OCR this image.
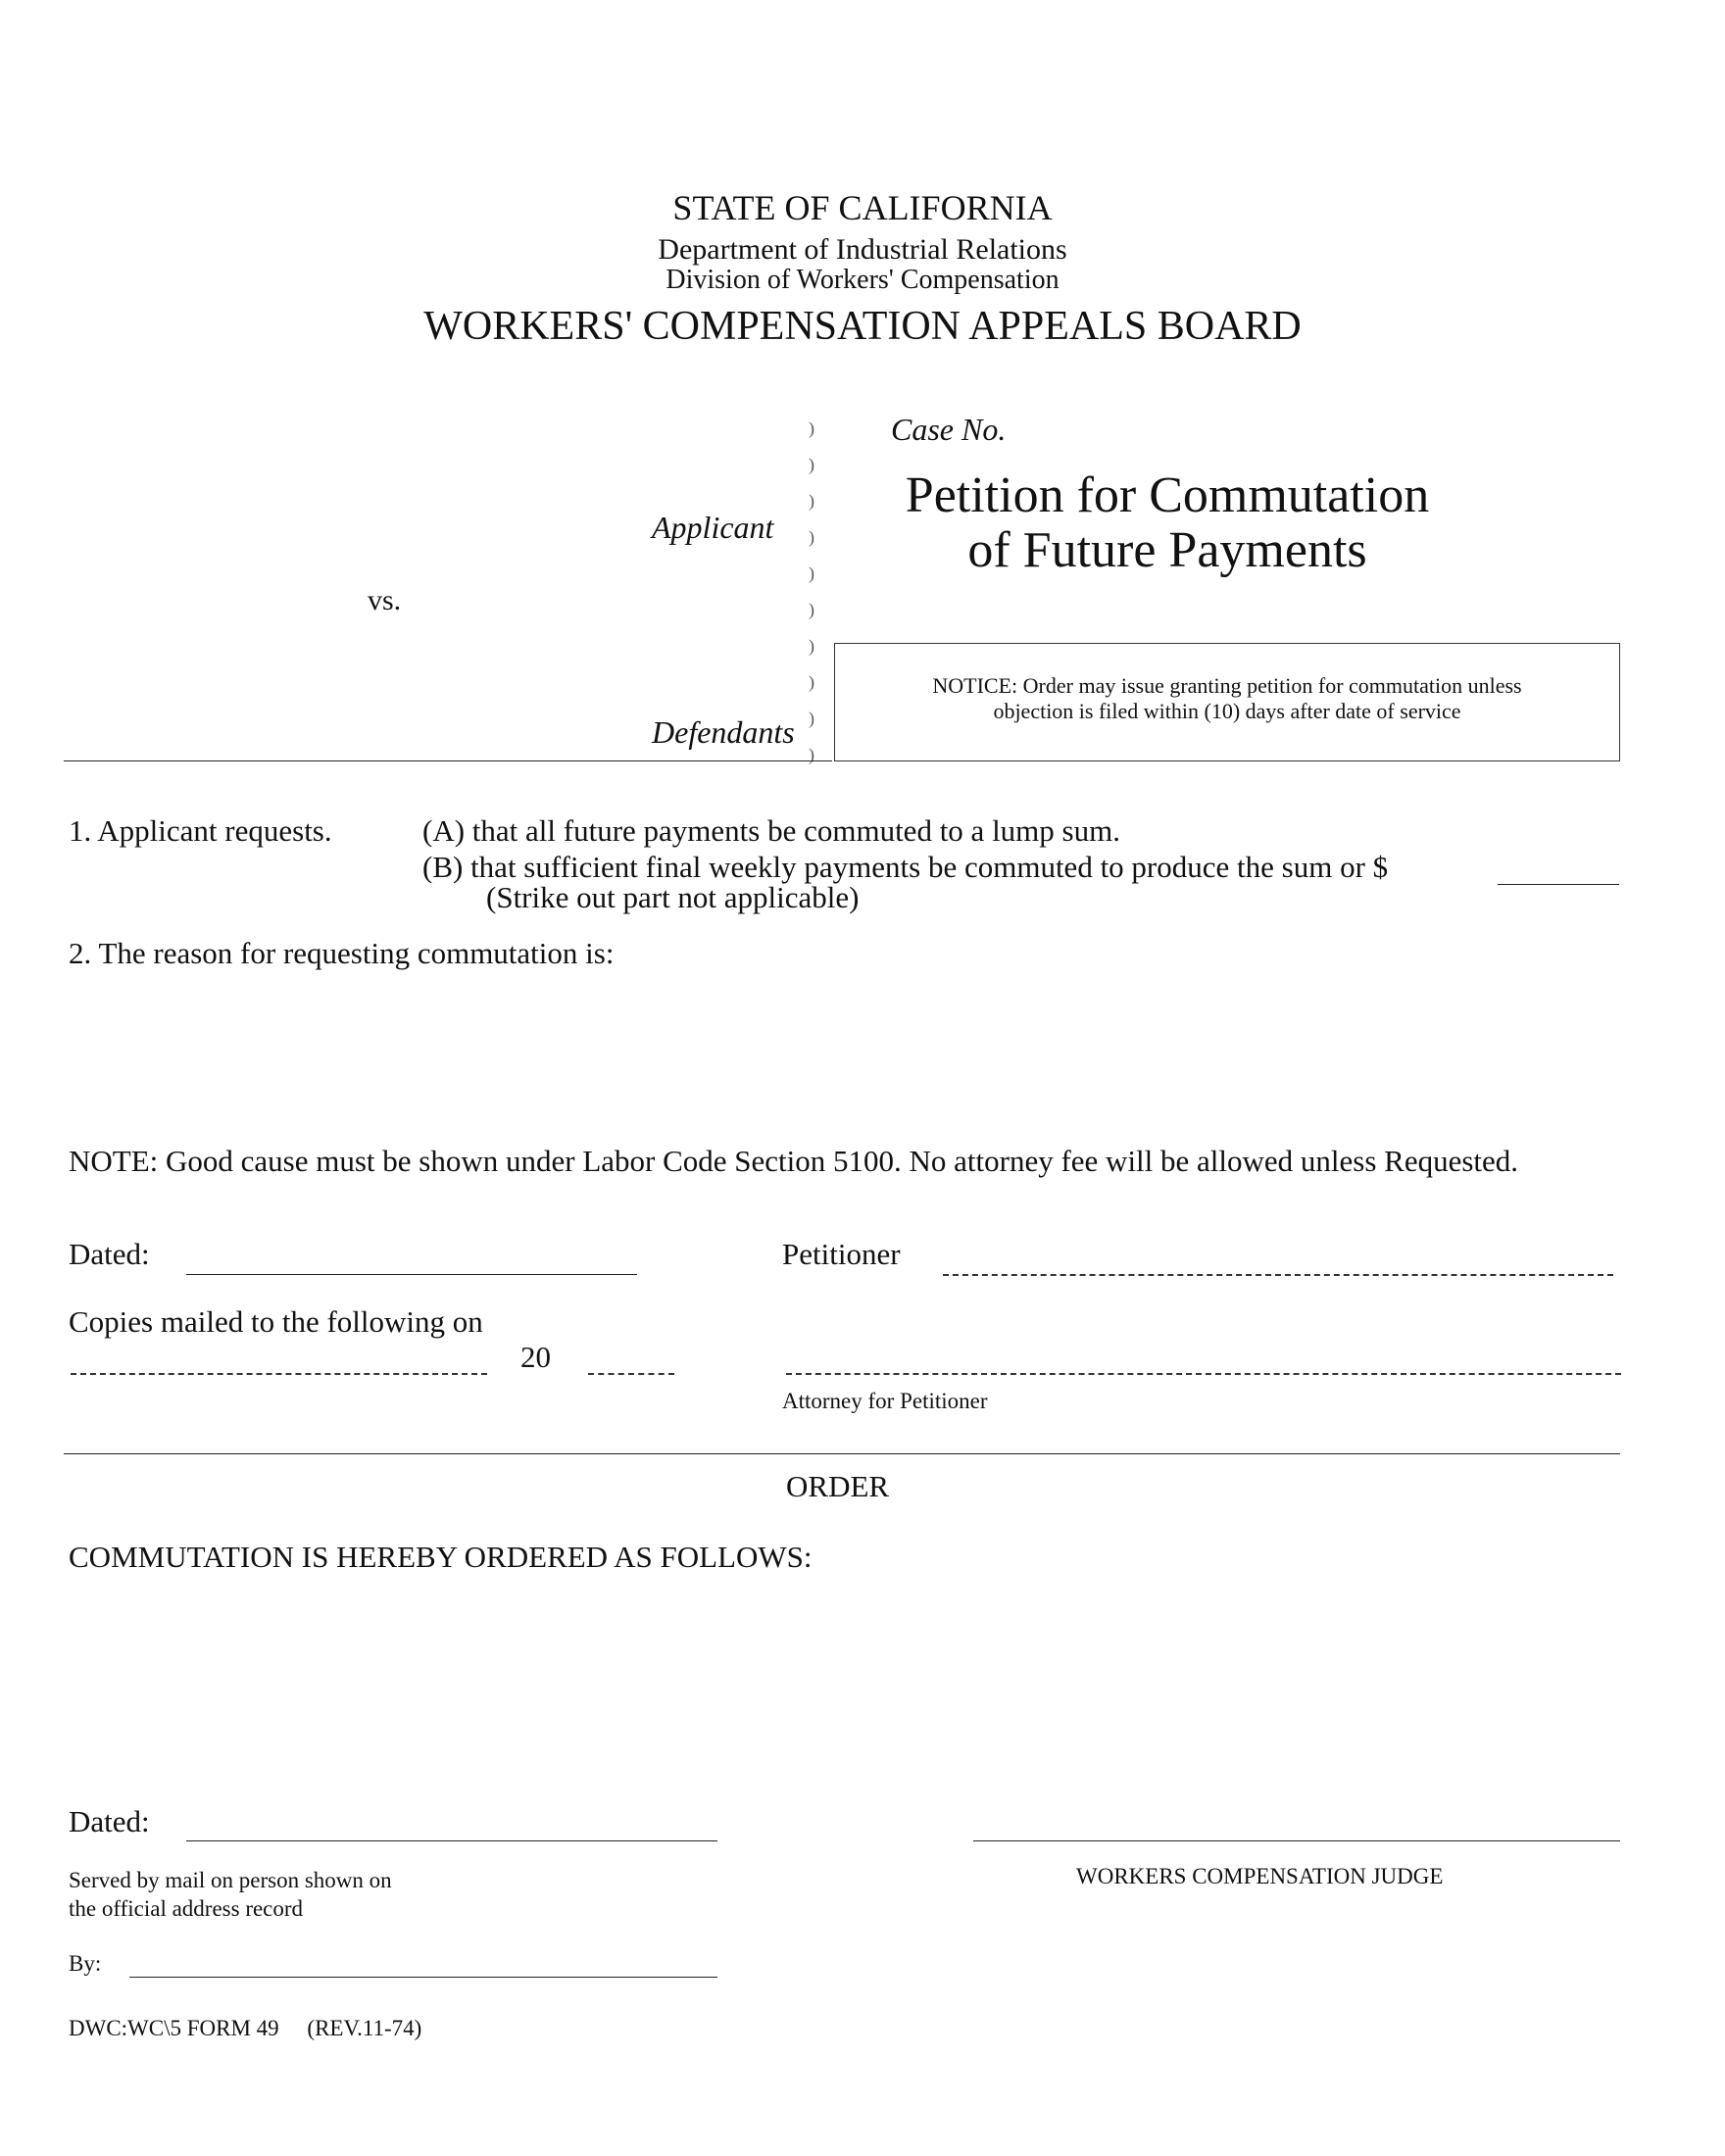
STATE OF CALIFORNIA
Department of Industrial Relations
Division of Workers' Compensation
WORKERS' COMPENSATION APPEALS BOARD
Applicant
vs.
Defendants
)
)
)
)
)
)
)
)
)
)
Case No.
Petition for Commutation
of Future Payments
NOTICE: Order may issue granting petition for commutation unless
objection is filed within (10) days after date of service
1. Applicant requests.	(A) that all future payments be commuted to a lump sum.
(B) that sufficient final weekly payments be commuted to produce the sum or $
(Strike out part not applicable)
2. The reason for requesting commutation is:
NOTE: Good cause must be shown under Labor Code Section 5100. No attorney fee will be allowed unless Requested.
Dated:	Petitioner
Copies mailed to the following on
20
Attorney for Petitioner
ORDER
COMMUTATION IS HEREBY ORDERED AS FOLLOWS:
Dated:
WORKERS COMPENSATION JUDGE
Served by mail on person shown on
the official address record
By:
DWC:WC\5 FORM 49     (REV.11-74)
